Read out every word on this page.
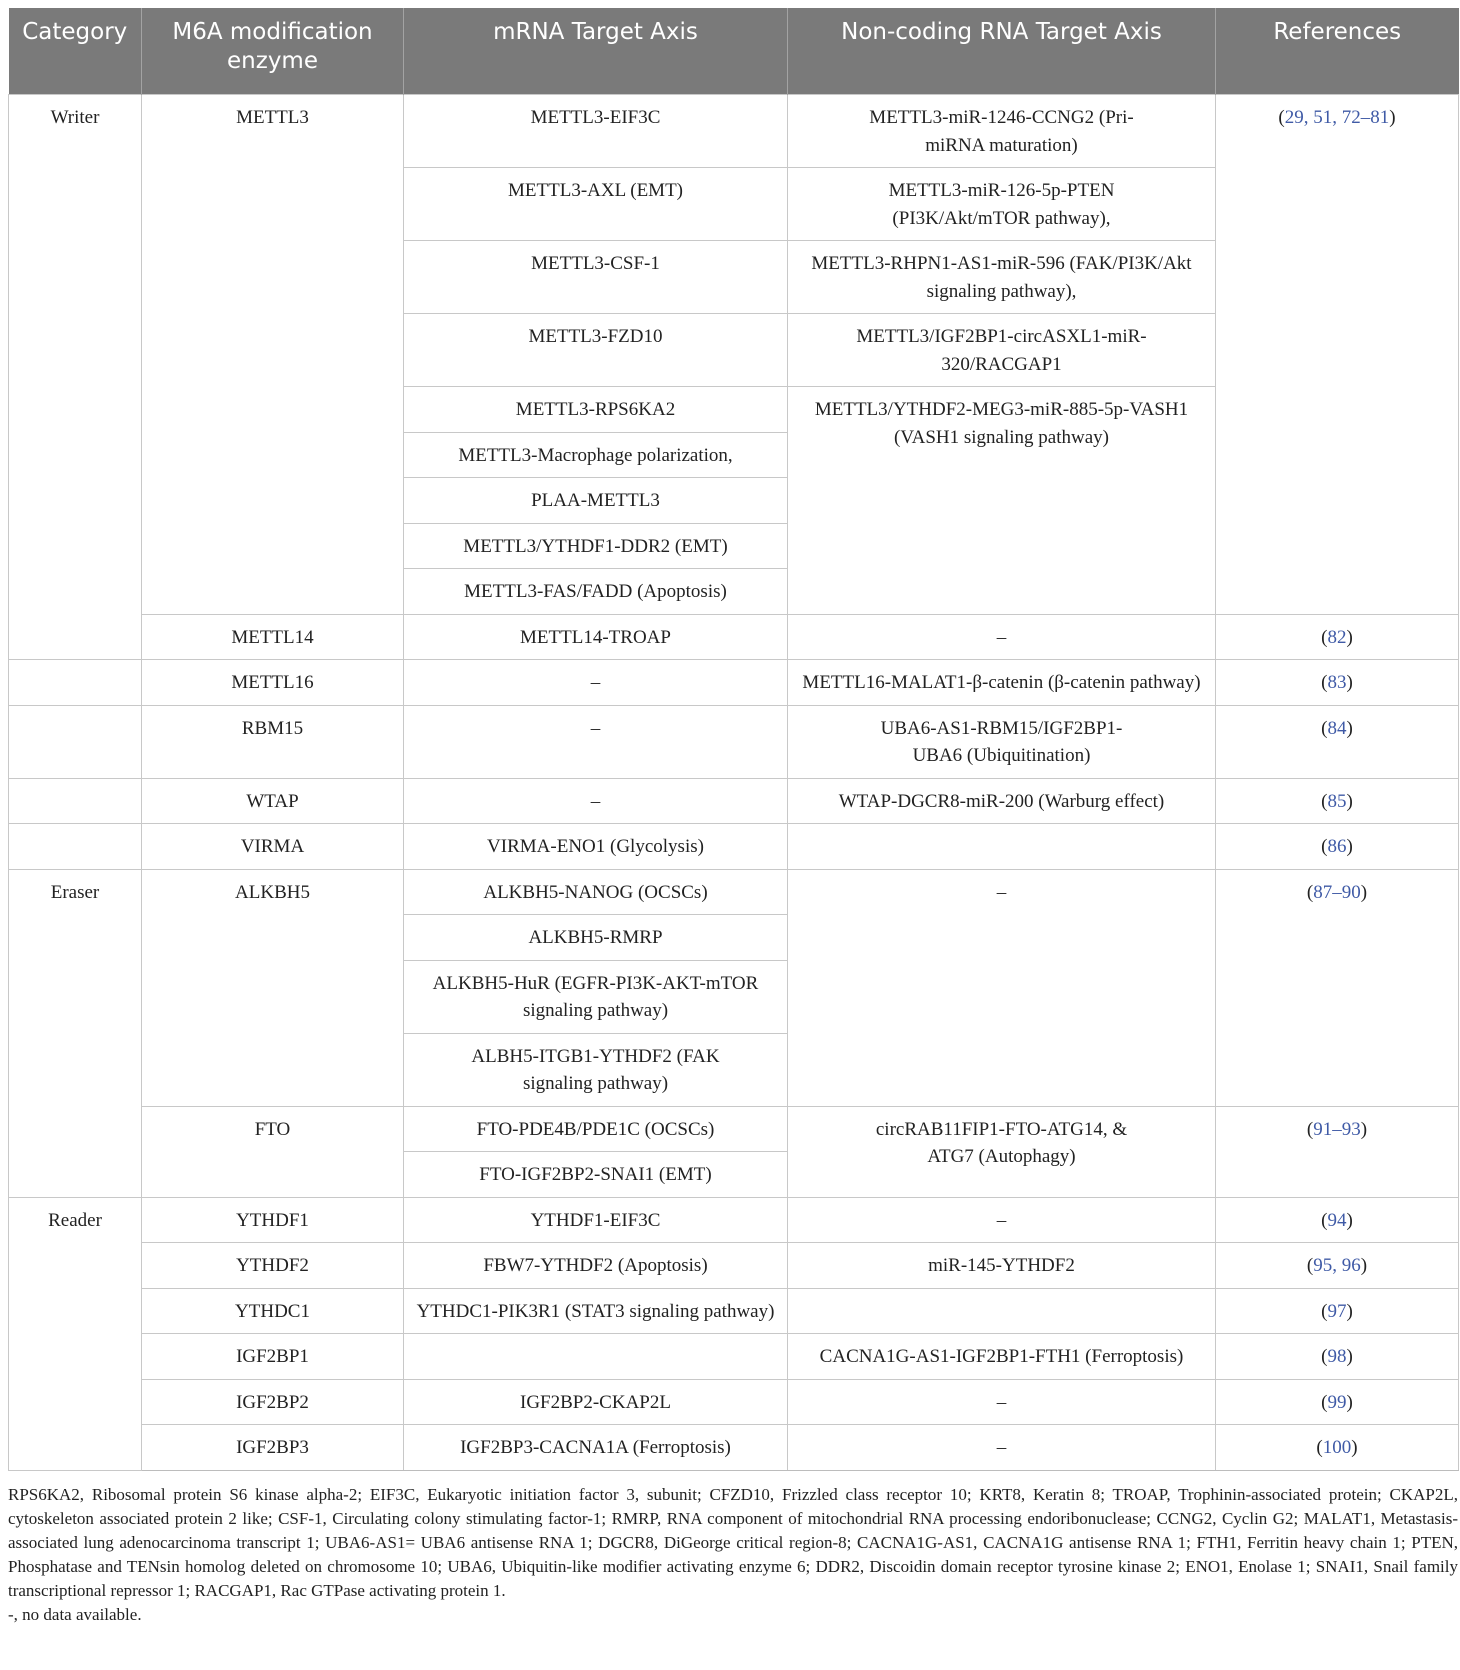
Category	M6A modification enzyme	mRNA Target Axis	Non-coding RNA Target Axis	References
Writer	METTL3	METTL3-EIF3C	METTL3-miR-1246-CCNG2 (Pri-miRNA maturation)	(29, 51, 72–81)
		METTL3-AXL (EMT)	METTL3-miR-126-5p-PTEN (PI3K/Akt/mTOR pathway),	
		METTL3-CSF-1	METTL3-RHPN1-AS1-miR-596 (FAK/PI3K/Akt signaling pathway),	
		METTL3-FZD10	METTL3/IGF2BP1-circASXL1-miR-320/RACGAP1	
		METTL3-RPS6KA2	METTL3/YTHDF2-MEG3-miR-885-5p-VASH1 (VASH1 signaling pathway)	
		METTL3-Macrophage polarization,		
		PLAA-METTL3		
		METTL3/YTHDF1-DDR2 (EMT)		
		METTL3-FAS/FADD (Apoptosis)		
	METTL14	METTL14-TROAP	–	(82)
	METTL16	–	METTL16-MALAT1-β-catenin (β-catenin pathway)	(83)
	RBM15	–	UBA6-AS1-RBM15/IGF2BP1-UBA6 (Ubiquitination)	(84)
	WTAP	–	WTAP-DGCR8-miR-200 (Warburg effect)	(85)
	VIRMA	VIRMA-ENO1 (Glycolysis)		(86)
Eraser	ALKBH5	ALKBH5-NANOG (OCSCs)	–	(87–90)
		ALKBH5-RMRP		
		ALKBH5-HuR (EGFR-PI3K-AKT-mTOR signaling pathway)		
		ALBH5-ITGB1-YTHDF2 (FAK signaling pathway)		
	FTO	FTO-PDE4B/PDE1C (OCSCs)	circRAB11FIP1-FTO-ATG14, & ATG7 (Autophagy)	(91–93)
		FTO-IGF2BP2-SNAI1 (EMT)		
Reader	YTHDF1	YTHDF1-EIF3C	–	(94)
	YTHDF2	FBW7-YTHDF2 (Apoptosis)	miR-145-YTHDF2	(95, 96)
	YTHDC1	YTHDC1-PIK3R1 (STAT3 signaling pathway)		(97)
	IGF2BP1		CACNA1G-AS1-IGF2BP1-FTH1 (Ferroptosis)	(98)
	IGF2BP2	IGF2BP2-CKAP2L	–	(99)
	IGF2BP3	IGF2BP3-CACNA1A (Ferroptosis)	–	(100)
RPS6KA2, Ribosomal protein S6 kinase alpha-2; EIF3C, Eukaryotic initiation factor 3, subunit; CFZD10, Frizzled class receptor 10; KRT8, Keratin 8; TROAP, Trophinin-associated protein; CKAP2L, cytoskeleton associated protein 2 like; CSF-1, Circulating colony stimulating factor-1; RMRP, RNA component of mitochondrial RNA processing endoribonuclease; CCNG2, Cyclin G2; MALAT1, Metastasis-associated lung adenocarcinoma transcript 1; UBA6-AS1= UBA6 antisense RNA 1; DGCR8, DiGeorge critical region-8; CACNA1G-AS1, CACNA1G antisense RNA 1; FTH1, Ferritin heavy chain 1; PTEN, Phosphatase and TENsin homolog deleted on chromosome 10; UBA6, Ubiquitin-like modifier activating enzyme 6; DDR2, Discoidin domain receptor tyrosine kinase 2; ENO1, Enolase 1; SNAI1, Snail family transcriptional repressor 1; RACGAP1, Rac GTPase activating protein 1.
-, no data available.
